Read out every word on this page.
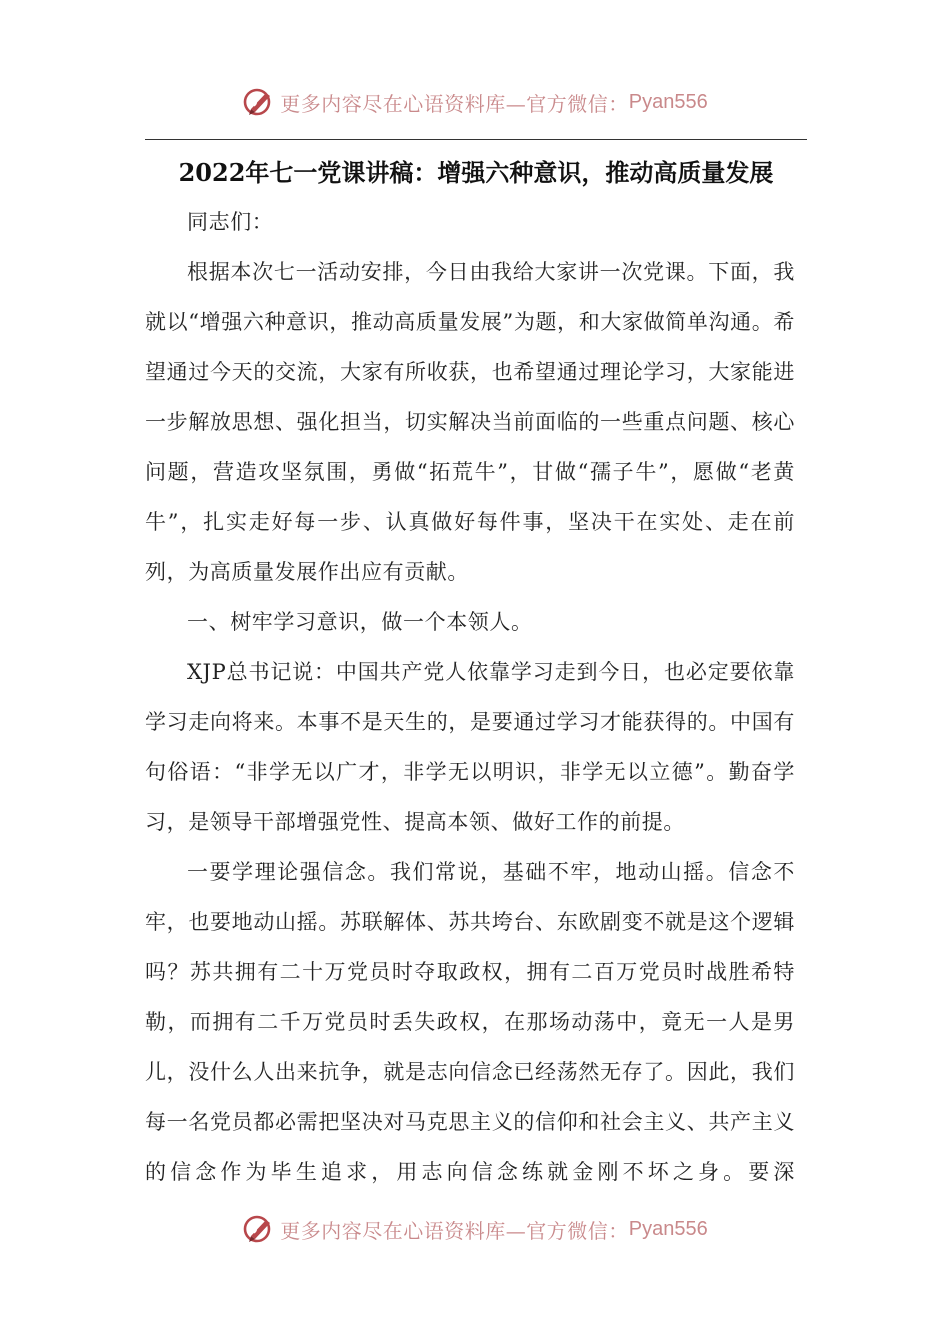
更多内容尽在心语资料库—官方微信： Pyan556
2022年七一党课讲稿：增强六种意识，推动高质量发展

同志们：

根据本次七一活动安排，今日由我给大家讲一次党课。下面，我就以“增强六种意识，推动高质量发展”为题，和大家做简单沟通。希望通过今天的交流，大家有所收获，也希望通过理论学习，大家能进一步解放思想、强化担当，切实解决当前面临的一些重点问题、核心问题，营造攻坚氛围，勇做“拓荒牛”，甘做“孺子牛”，愿做“老黄牛”，扎实走好每一步、认真做好每件事，坚决干在实处、走在前列，为高质量发展作出应有贡献。

一、树牢学习意识，做一个本领人。

XJP总书记说：中国共产党人依靠学习走到今日，也必定要依靠学习走向将来。本事不是天生的，是要通过学习才能获得的。中国有句俗语：“非学无以广才，非学无以明识，非学无以立德”。勤奋学习，是领导干部增强党性、提高本领、做好工作的前提。

一要学理论强信念。我们常说，基础不牢，地动山摇。信念不牢，也要地动山摇。苏联解体、苏共垮台、东欧剧变不就是这个逻辑吗？苏共拥有二十万党员时夺取政权，拥有二百万党员时战胜希特勒，而拥有二千万党员时丢失政权，在那场动荡中，竟无一人是男儿，没什么人出来抗争，就是志向信念已经荡然无存了。因此，我们每一名党员都必需把坚决对马克思主义的信仰和社会主义、共产主义的信念作为毕生追求，用志向信念练就金刚不坏之身。要深

更多内容尽在心语资料库—官方微信： Pyan556
